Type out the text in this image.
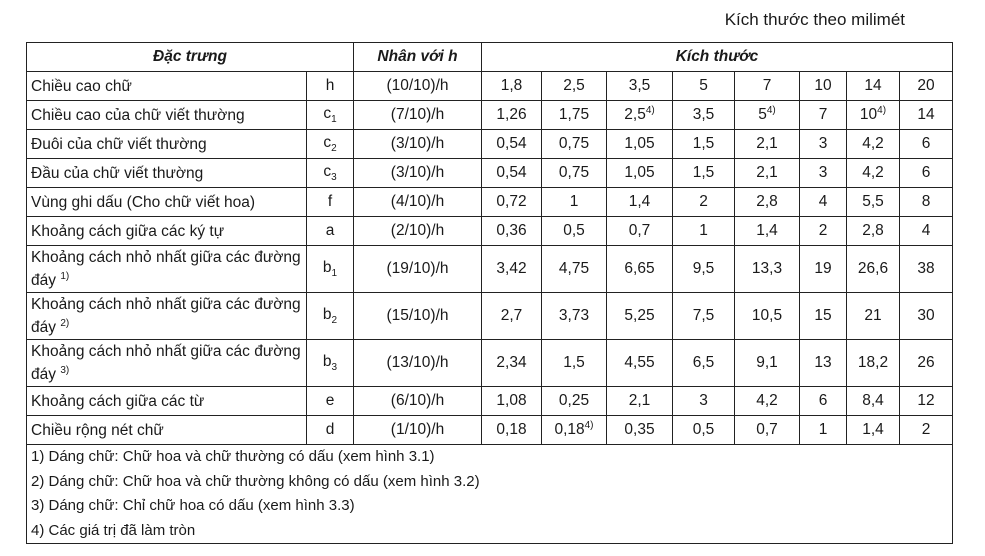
Kích thước theo milimét
Đặc trưng		Nhân với h	Kích thước							
Chiều cao chữ	h	(10/10)/h	1,8	2,5	3,5	5	7	10	14	20
Chiều cao của chữ viết thường	$c_1$	(7/10)/h	1,26	1,75	2,5$^{4)}$	3,5	5$^{4)}$	7	10$^{4)}$	14
Đuôi của chữ viết thường	$c_2$	(3/10)/h	0,54	0,75	1,05	1,5	2,1	3	4,2	6
Đầu của chữ viết thường	$c_3$	(3/10)/h	0,54	0,75	1,05	1,5	2,1	3	4,2	6
Vùng ghi dấu (Cho chữ viết hoa)	f	(4/10)/h	0,72	1	1,4	2	2,8	4	5,5	8
Khoảng cách giữa các ký tự	a	(2/10)/h	0,36	0,5	0,7	1	1,4	2	2,8	4
Khoảng cách nhỏ nhất giữa các đường đáy $^{1)}$	$b_1$	(19/10)/h	3,42	4,75	6,65	9,5	13,3	19	26,6	38
Khoảng cách nhỏ nhất giữa các đường đáy $^{2)}$	$b_2$	(15/10)/h	2,7	3,73	5,25	7,5	10,5	15	21	30
Khoảng cách nhỏ nhất giữa các đường đáy $^{3)}$	$b_3$	(13/10)/h	2,34	1,5	4,55	6,5	9,1	13	18,2	26
Khoảng cách giữa các từ	e	(6/10)/h	1,08	0,25	2,1	3	4,2	6	8,4	12
Chiều rộng nét chữ	d	(1/10)/h	0,18	0,18$^{4)}$	0,35	0,5	0,7	1	1,4	2

1) Dáng chữ: Chữ hoa và chữ thường có dấu (xem hình 3.1)
2) Dáng chữ: Chữ hoa và chữ thường không có dấu (xem hình 3.2)
3) Dáng chữ: Chỉ chữ hoa có dấu (xem hình 3.3)
4) Các giá trị đã làm tròn										
